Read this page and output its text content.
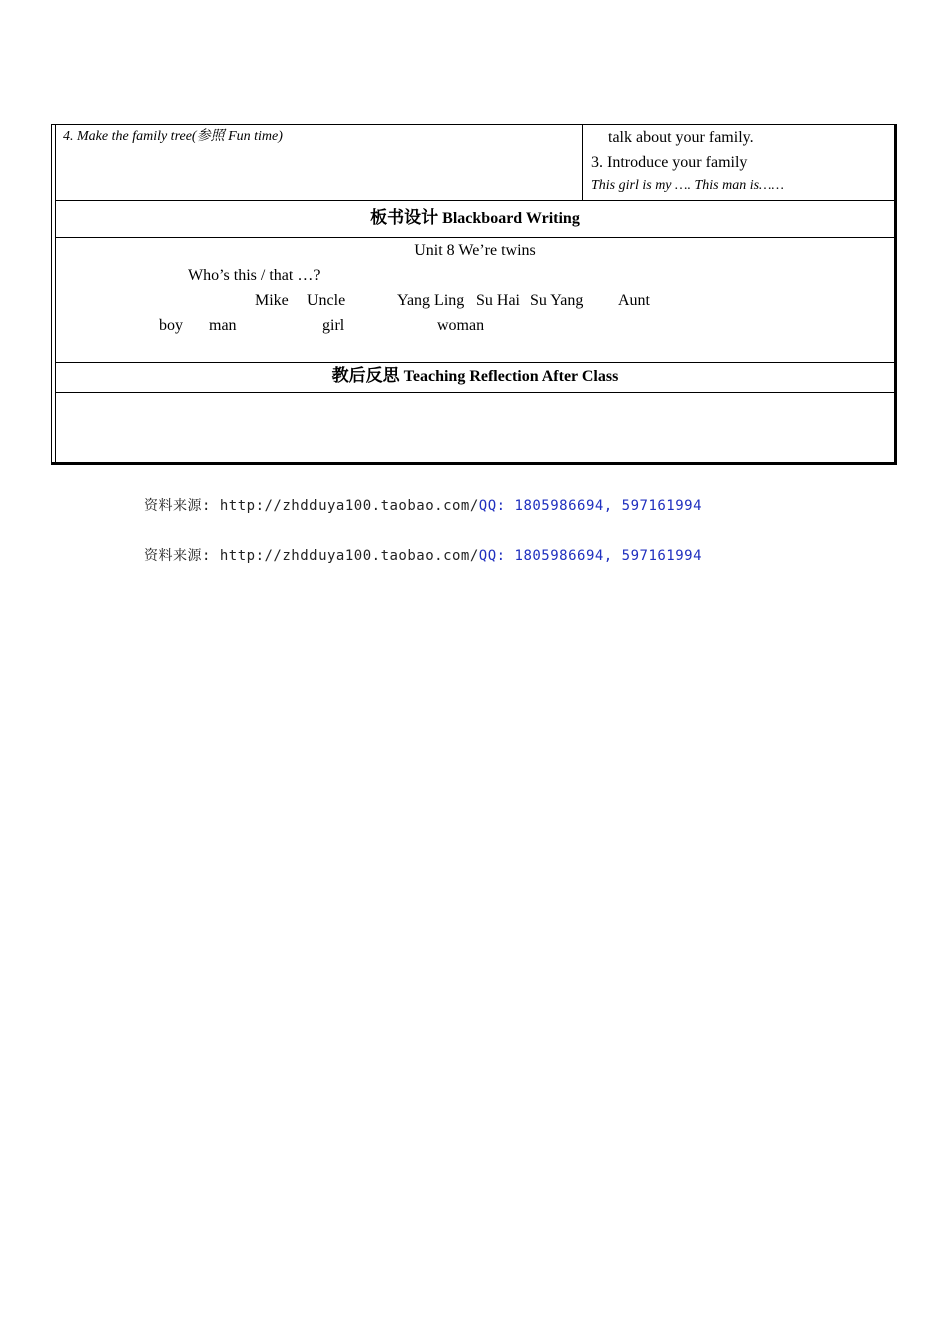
4. Make the family tree(参照 Fun time)	talk about your family.
3. Introduce your family
This girl is my …. This man is……
板书设计 Blackboard Writing
Unit 8 We’re twins
Who’s this / that …?
Mike Uncle	Yang Ling Su Hai Su Yang Aunt
boy man	girl	woman
教后反思 Teaching Reflection After Class
资料来源: http://zhdduya100.taobao.com/QQ: 1805986694, 597161994
资料来源: http://zhdduya100.taobao.com/QQ: 1805986694, 597161994
